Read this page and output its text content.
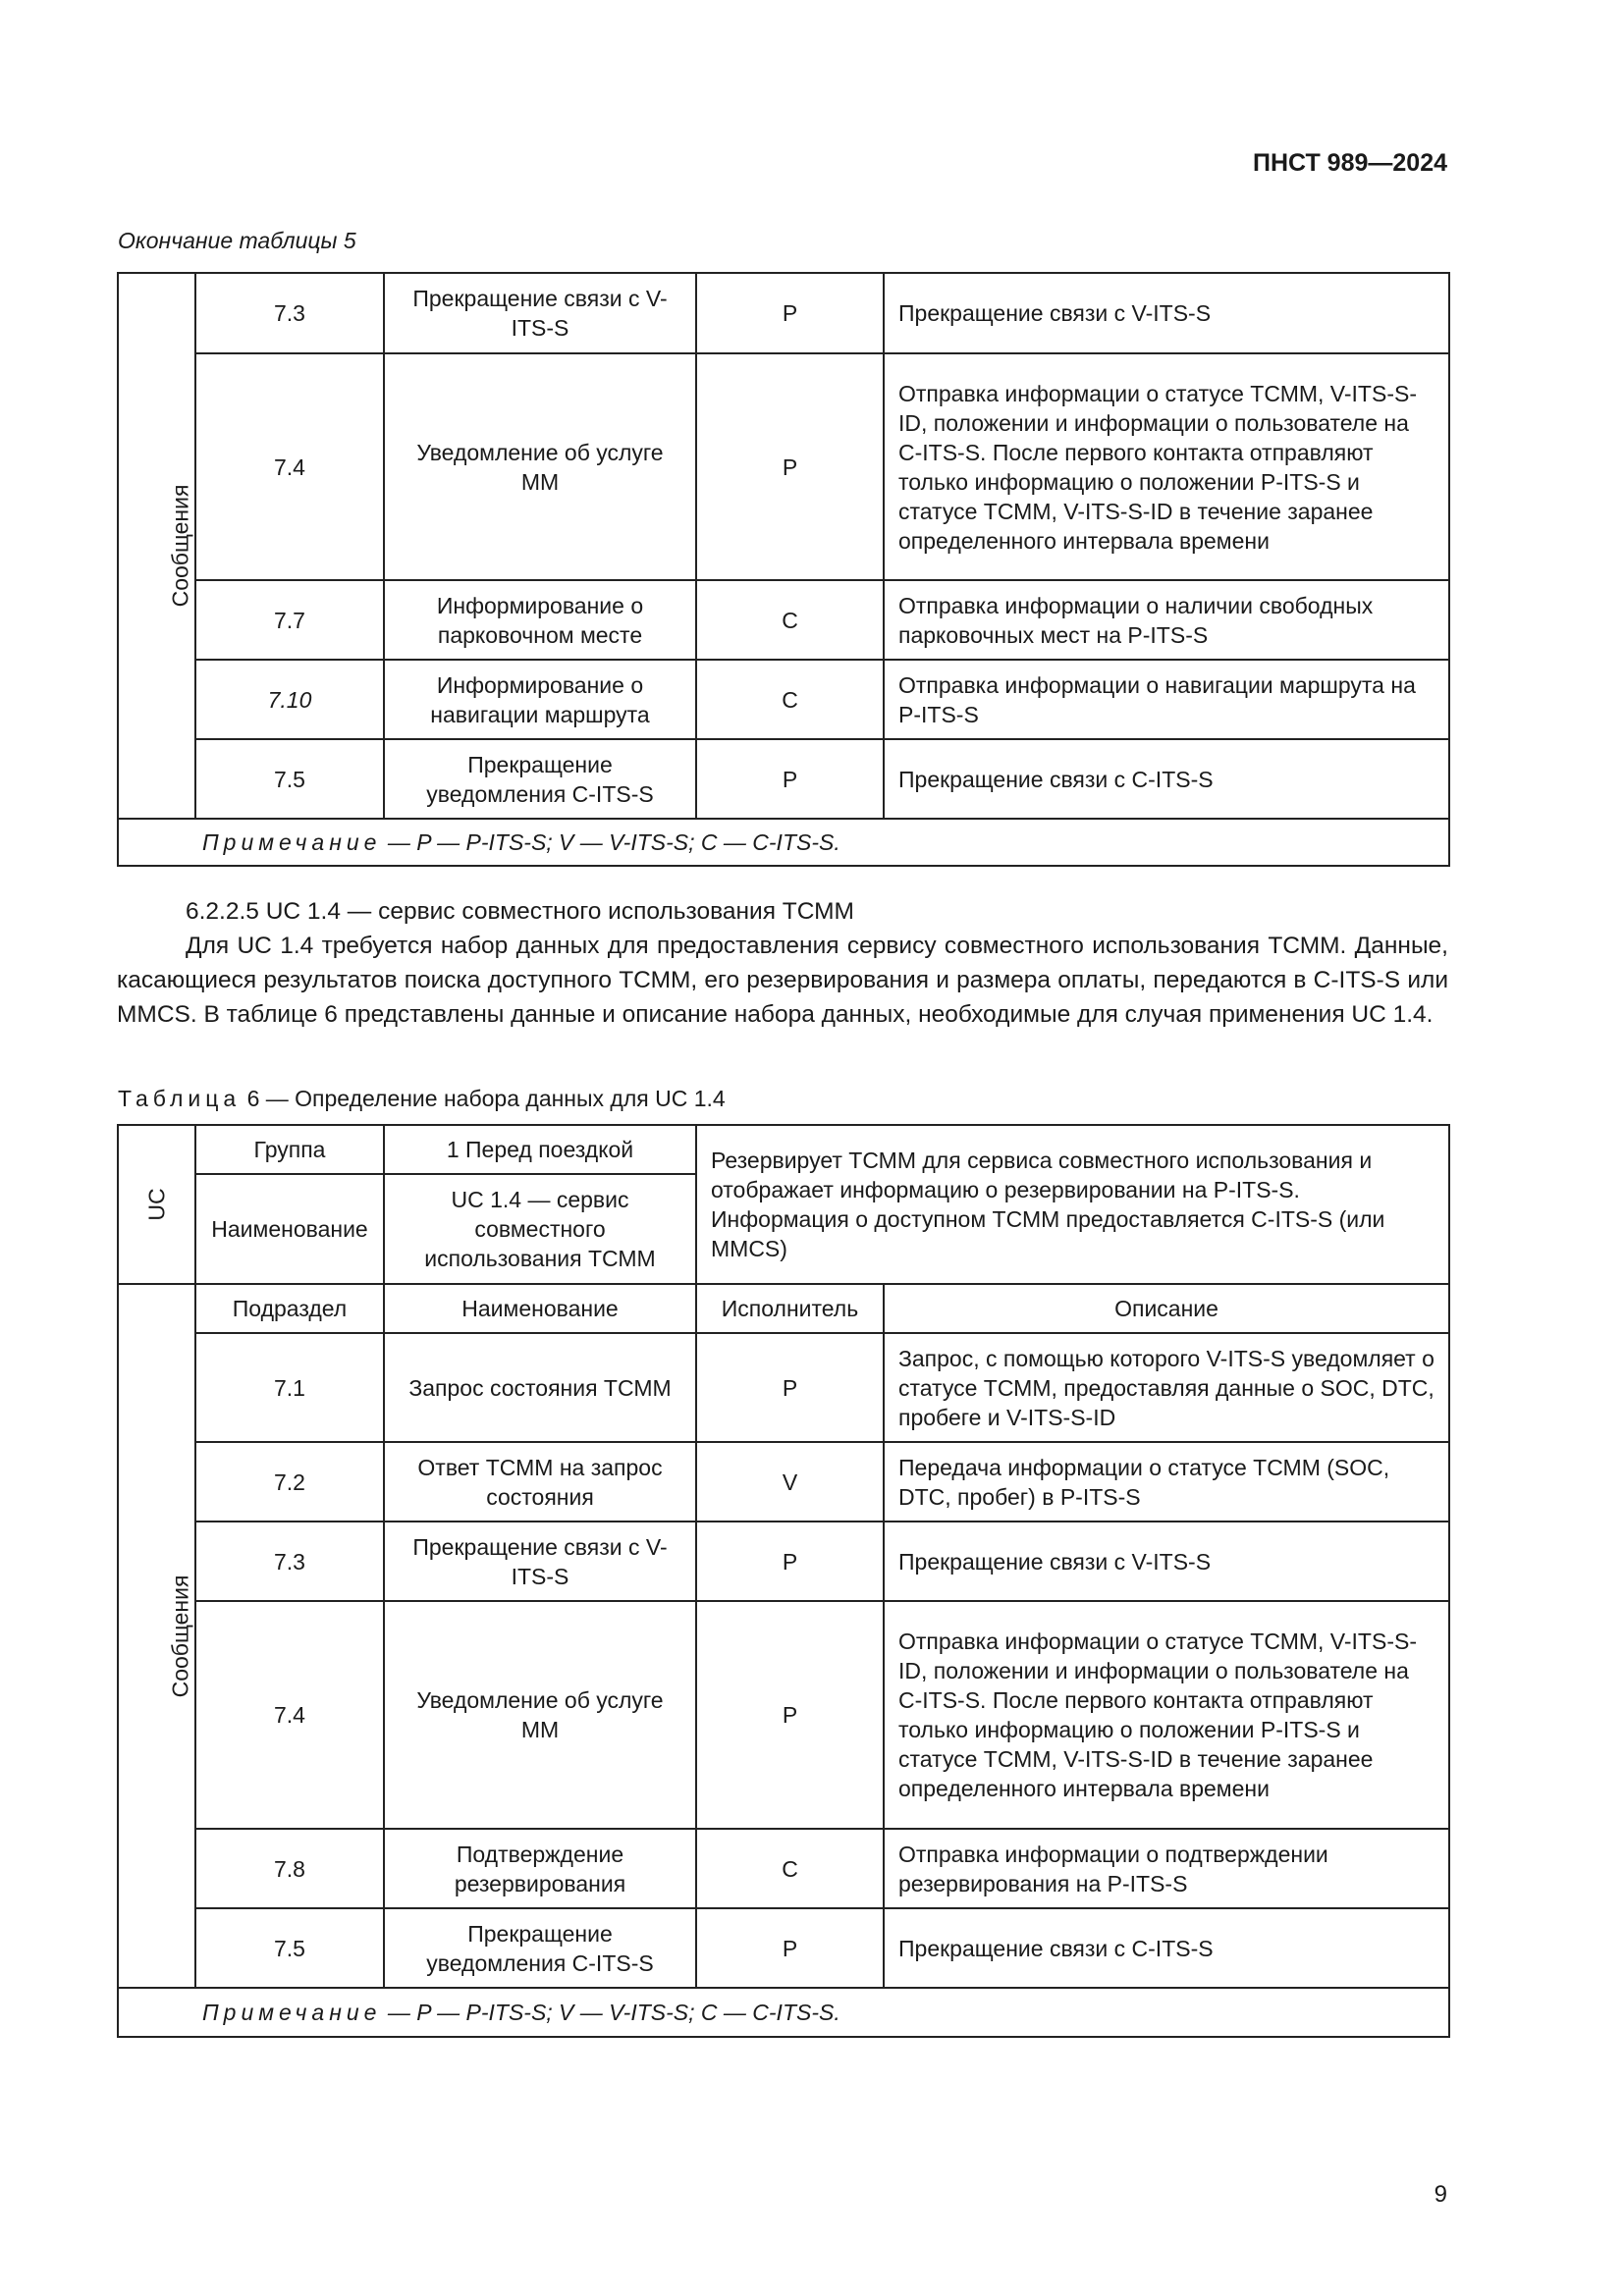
ПНСТ 989—2024
Окончание таблицы 5
Сообщения	7.3	Прекращение связи с V-ITS-S	P	Прекращение связи с V-ITS-S
	7.4	Уведомление об услуге ММ	P	Отправка информации о статусе ТСММ, V-ITS-S-ID, положении и информации о пользователе на C-ITS-S. После первого контакта отправляют только информацию о положении P-ITS-S и статусе ТСММ, V-ITS-S-ID в течение заранее определенного интервала времени
	7.7	Информирование о парковочном месте	C	Отправка информации о наличии свободных парковочных мест на P-ITS-S
	7.10	Информирование о навигации маршрута	C	Отправка информации о навигации маршрута на P-ITS-S
	7.5	Прекращение уведомления C-ITS-S	P	Прекращение связи с C-ITS-S
Примечание — P — P-ITS-S; V — V-ITS-S; C — C-ITS-S.				

6.2.2.5 UC 1.4 — сервис совместного использования ТСММ

Для UC 1.4 требуется набор данных для предоставления сервису совместного использования ТСММ. Данные, касающиеся результатов поиска доступного ТСММ, его резервирования и размера оплаты, передаются в C-ITS-S или MMCS. В таблице 6 представлены данные и описание набора данных, необходимые для случая применения UC 1.4.

Таблица 6 — Определение набора данных для UC 1.4
UC	Группа	1 Перед поездкой	Резервирует ТСММ для сервиса совместного использования и отображает информацию о резервировании на P-ITS-S. Информация о доступном ТСММ предоставляется C-ITS-S (или MMCS)	
	Наименование	UC 1.4 — сервис совместного использования ТСММ		
Сообщения	Подраздел	Наименование	Исполнитель	Описание
	7.1	Запрос состояния ТСММ	P	Запрос, с помощью которого V-ITS-S уведомляет о статусе ТСММ, предоставляя данные о SOC, DTC, пробеге и V-ITS-S-ID
	7.2	Ответ ТСММ на запрос состояния	V	Передача информации о статусе ТСММ (SOC, DTC, пробег) в P-ITS-S
	7.3	Прекращение связи с V-ITS-S	P	Прекращение связи с V-ITS-S
	7.4	Уведомление об услуге ММ	P	Отправка информации о статусе ТСММ, V-ITS-S-ID, положении и информации о пользователе на C-ITS-S. После первого контакта отправляют только информацию о положении P-ITS-S и статусе ТСММ, V-ITS-S-ID в течение заранее определенного интервала времени
	7.8	Подтверждение резервирования	C	Отправка информации о подтверждении резервирования на P-ITS-S
	7.5	Прекращение уведомления C-ITS-S	P	Прекращение связи с C-ITS-S
Примечание — P — P-ITS-S; V — V-ITS-S; C — C-ITS-S.				
9
